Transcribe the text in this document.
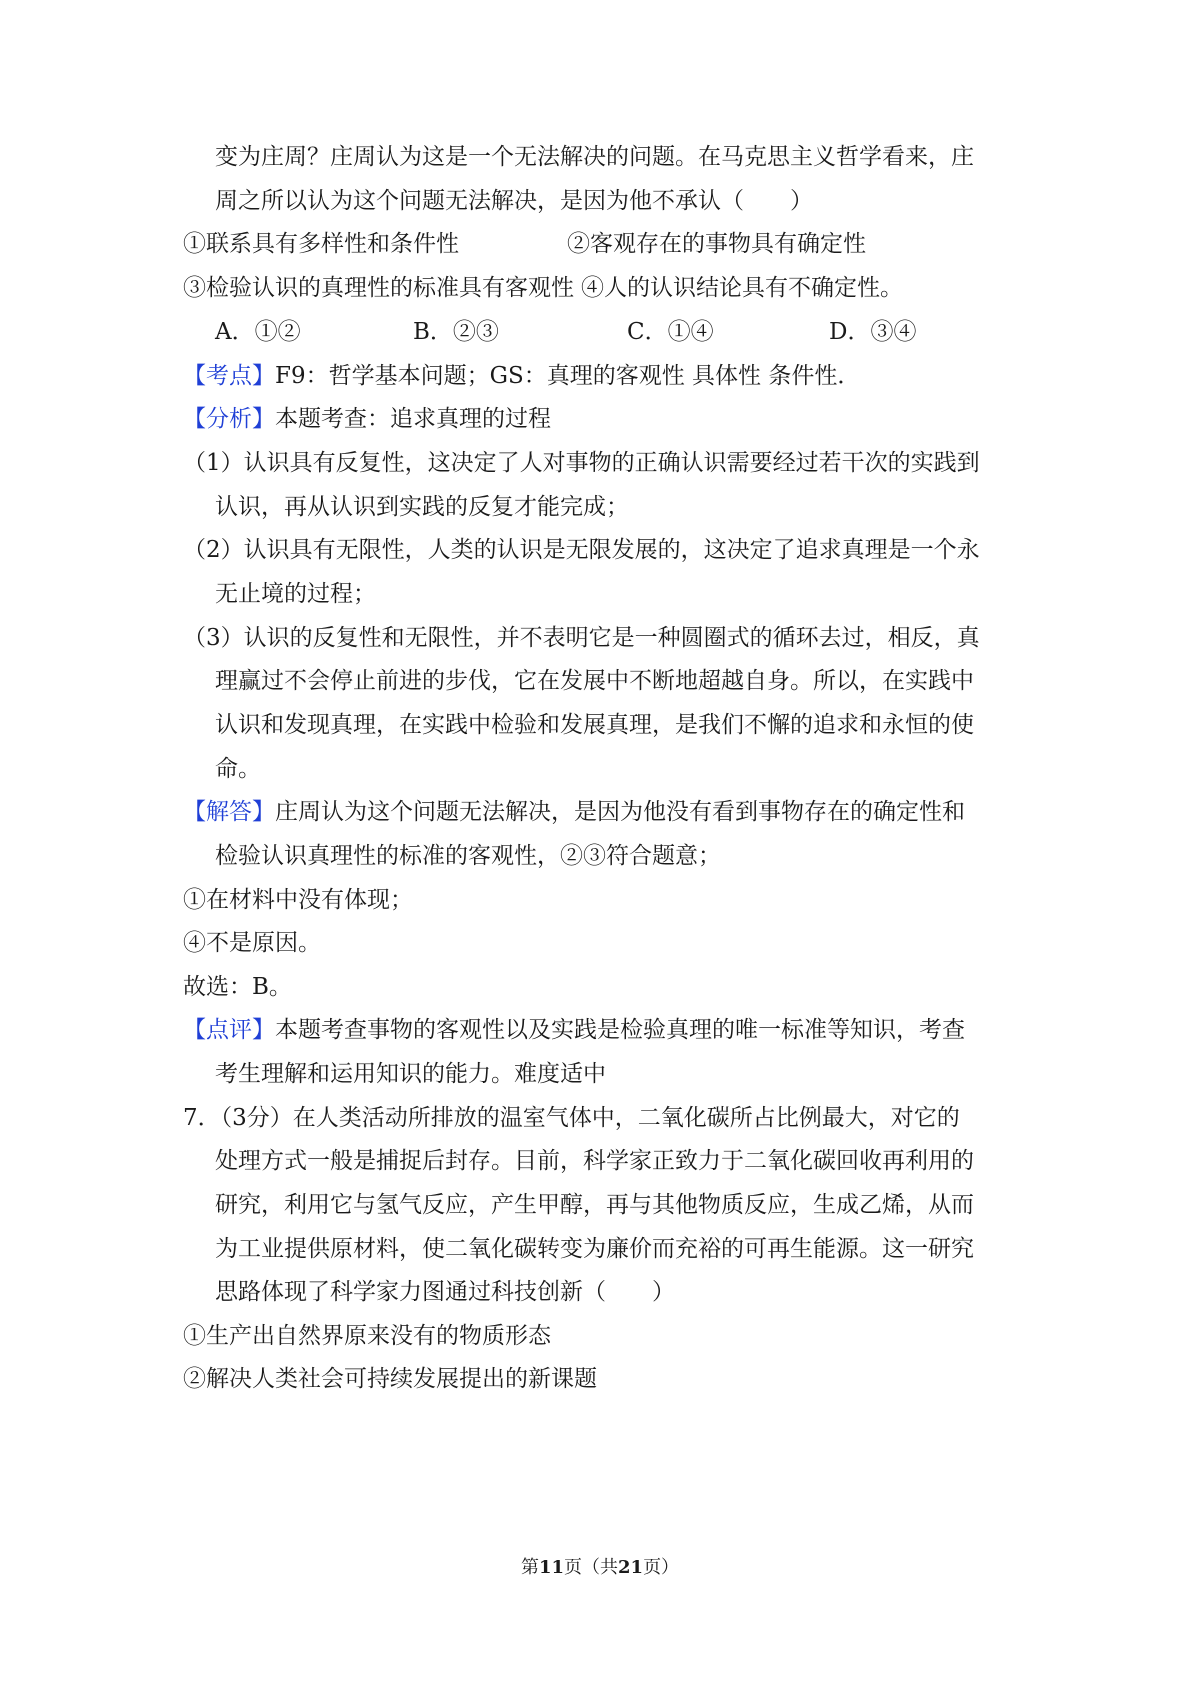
变为庄周？庄周认为这是一个无法解决的问题。在马克思主义哲学看来，庄
周之所以认为这个问题无法解决，是因为他不承认（　　）
①联系具有多样性和条件性	②客观存在的事物具有确定性
③检验认识的真理性的标准具有客观性 ④人的认识结论具有不确定性。
A．①②	B．②③	C．①④	D．③④
【考点】F9：哲学基本问题；GS：真理的客观性 具体性 条件性．
【分析】本题考查：追求真理的过程
（1）认识具有反复性，这决定了人对事物的正确认识需要经过若干次的实践到
认识，再从认识到实践的反复才能完成；
（2）认识具有无限性，人类的认识是无限发展的，这决定了追求真理是一个永
无止境的过程；
（3）认识的反复性和无限性，并不表明它是一种圆圈式的循环去过，相反，真
理赢过不会停止前进的步伐，它在发展中不断地超越自身。所以，在实践中
认识和发现真理，在实践中检验和发展真理，是我们不懈的追求和永恒的使
命。
【解答】庄周认为这个问题无法解决，是因为他没有看到事物存在的确定性和
检验认识真理性的标准的客观性，②③符合题意；
①在材料中没有体现；
④不是原因。
故选：B。
【点评】本题考查事物的客观性以及实践是检验真理的唯一标准等知识，考查
考生理解和运用知识的能力。难度适中
7．（3分）在人类活动所排放的温室气体中，二氧化碳所占比例最大，对它的
处理方式一般是捕捉后封存。目前，科学家正致力于二氧化碳回收再利用的
研究，利用它与氢气反应，产生甲醇，再与其他物质反应，生成乙烯，从而
为工业提供原材料，使二氧化碳转变为廉价而充裕的可再生能源。这一研究
思路体现了科学家力图通过科技创新（　　）
①生产出自然界原来没有的物质形态
②解决人类社会可持续发展提出的新课题
第11页（共21页）
